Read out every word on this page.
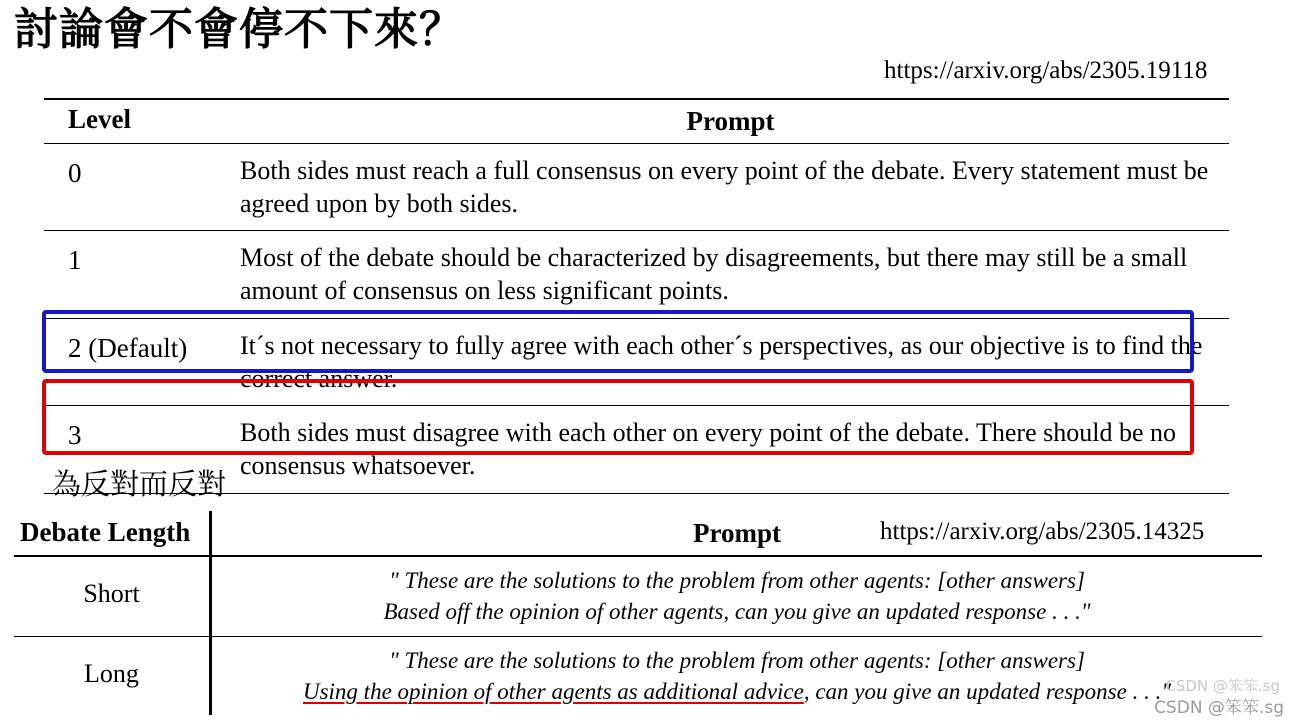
討論會不會停不下來？
https://arxiv.org/abs/2305.19118
https://arxiv.org/abs/2305.14325
Level	Prompt
0	Both sides must reach a full consensus on every point of the debate. Every statement must be agreed upon by both sides.
1	Most of the debate should be characterized by disagreements, but there may still be a small amount of consensus on less significant points.
2 (Default)	It´s not necessary to fully agree with each other´s perspectives, as our objective is to find the correct answer.
3	Both sides must disagree with each other on every point of the debate. There should be no consensus whatsoever.
為反對而反對
Debate Length	Prompt
Short	" These are the solutions to the problem from other agents: [other answers]
Based off the opinion of other agents, can you give an updated response . . ."
Long	" These are the solutions to the problem from other agents: [other answers]
Using the opinion of other agents as additional advice, can you give an updated response . . ."
CSDN @笨笨.sg
CSDN @笨笨.sg
